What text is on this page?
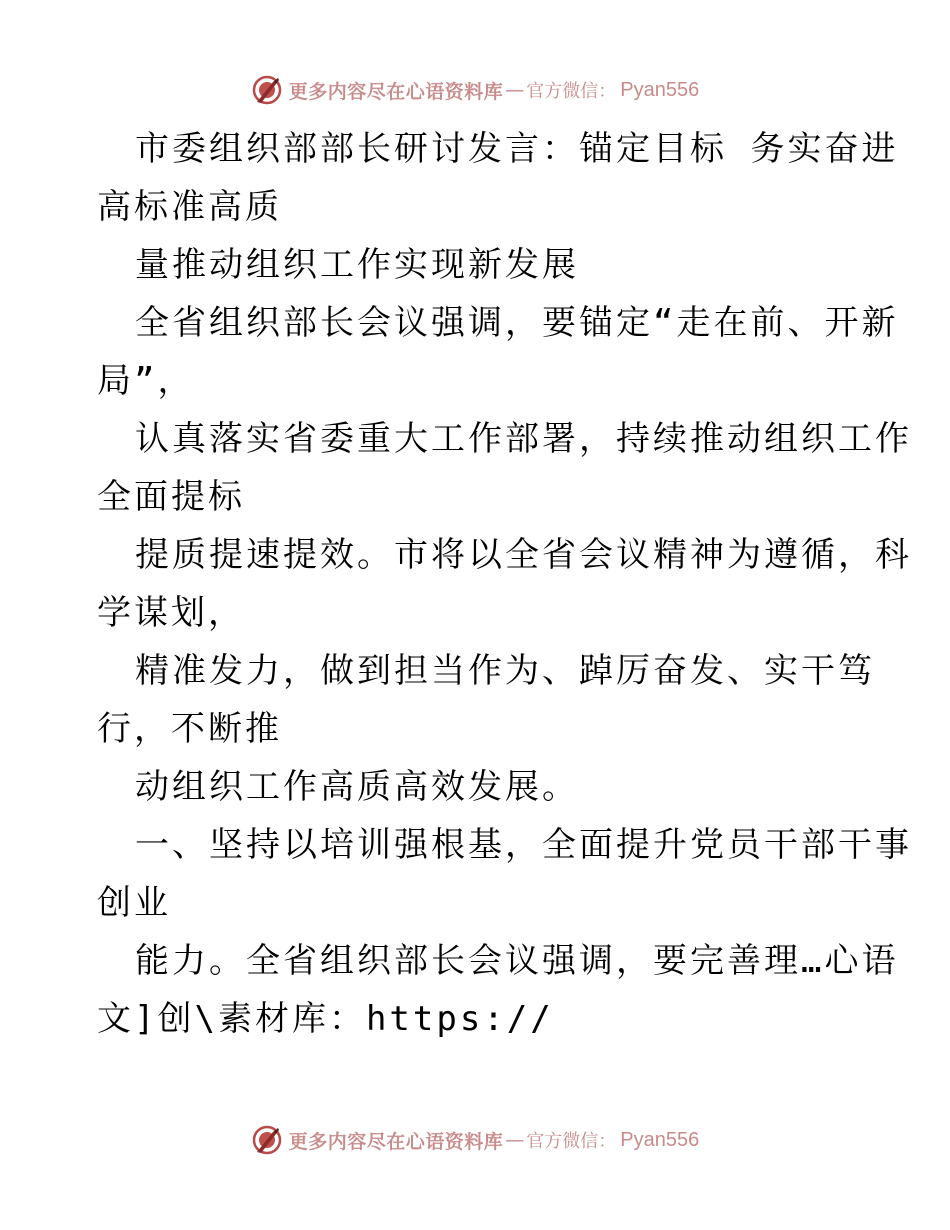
更多内容尽在心语资料库 — 官方微信： Pyan556
市委组织部部长研讨发言：锚定目标 务实奋进
高标准高质
量推动组织工作实现新发展
全省组织部长会议强调，要锚定“走在前、开新
局”，
认真落实省委重大工作部署，持续推动组织工作
全面提标
提质提速提效。市将以全省会议精神为遵循，科
学谋划，
精准发力，做到担当作为、踔厉奋发、实干笃
行，不断推
动组织工作高质高效发展。
一、坚持以培训强根基，全面提升党员干部干事
创业
能力。全省组织部长会议强调，要完善理…心语
文]创\素材库：https://
更多内容尽在心语资料库 — 官方微信： Pyan556
